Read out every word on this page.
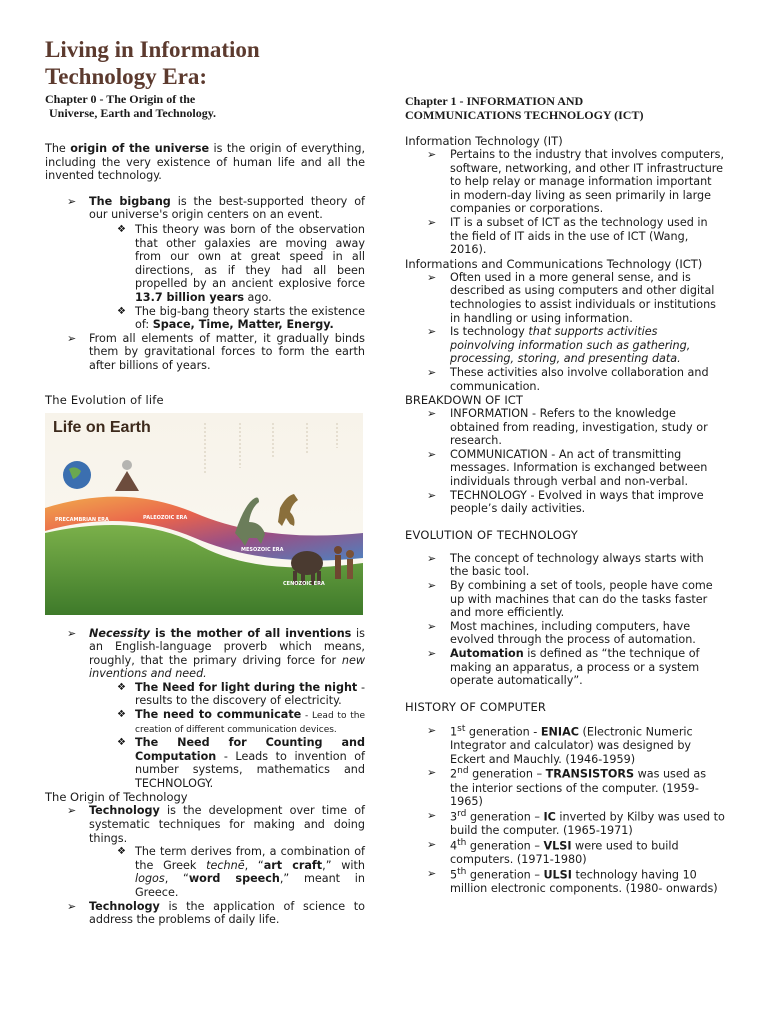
Living in Information
Technology Era:
Chapter 0 - The Origin of the
Universe, Earth and Technology.

The origin of the universe is the origin of everything, including the very existence of human life and all the invented technology.

➢ The bigbang is the best-supported theory of our universe's origin centers on an event.
❖ This theory was born of the observation that other galaxies are moving away from our own at great speed in all directions, as if they had all been propelled by an ancient explosive force 13.7 billion years ago.
❖ The big-bang theory starts the existence of: Space, Time, Matter, Energy.
➢ From all elements of matter, it gradually binds them by gravitational forces to form the earth after billions of years.
The Evolution of life
Life on Earth
PRECAMBRIAN ERA	PALEOZOIC ERA
MESOZOIC ERA
CENOZOIC ERA
➢ Necessity is the mother of all inventions is an English-language proverb which means, roughly, that the primary driving force for new inventions and need.
❖ The Need for light during the night - results to the discovery of electricity.
❖ The need to communicate - Lead to the creation of different communication devices.
❖ The Need for Counting and Computation - Leads to invention of number systems, mathematics and TECHNOLOGY.
The Origin of Technology
➢ Technology is the development over time of systematic techniques for making and doing things.
❖ The term derives from, a combination of the Greek technē, “art craft,” with logos, “word speech,” meant in Greece.
➢ Technology is the application of science to address the problems of daily life.
Chapter 1 - INFORMATION AND
COMMUNICATIONS TECHNOLOGY (ICT)
Information Technology (IT)
➢ Pertains to the industry that involves computers, software, networking, and other IT infrastructure to help relay or manage information important in modern-day living as seen primarily in large companies or corporations.
➢ IT is a subset of ICT as the technology used in the field of IT aids in the use of ICT (Wang, 2016).
Informations and Communications Technology (ICT)
➢ Often used in a more general sense, and is described as using computers and other digital technologies to assist individuals or institutions in handling or using information.
➢ Is technology that supports activities poinvolving information such as gathering, processing, storing, and presenting data.
➢ These activities also involve collaboration and communication.
BREAKDOWN OF ICT
➢ INFORMATION - Refers to the knowledge obtained from reading, investigation, study or research.
➢ COMMUNICATION - An act of transmitting messages. Information is exchanged between individuals through verbal and non-verbal.
➢ TECHNOLOGY - Evolved in ways that improve people’s daily activities.
EVOLUTION OF TECHNOLOGY
➢ The concept of technology always starts with the basic tool.
➢ By combining a set of tools, people have come up with machines that can do the tasks faster and more efficiently.
➢ Most machines, including computers, have evolved through the process of automation.
➢ Automation is defined as “the technique of making an apparatus, a process or a system operate automatically”.
HISTORY OF COMPUTER
➢ 1st generation - ENIAC (Electronic Numeric Integrator and calculator) was designed by Eckert and Mauchly. (1946-1959)
➢ 2nd generation – TRANSISTORS was used as the interior sections of the computer. (1959-1965)
➢ 3rd generation – IC inverted by Kilby was used to build the computer. (1965-1971)
➢ 4th generation – VLSI were used to build computers. (1971-1980)
➢ 5th generation – ULSI technology having 10 million electronic components. (1980- onwards)
